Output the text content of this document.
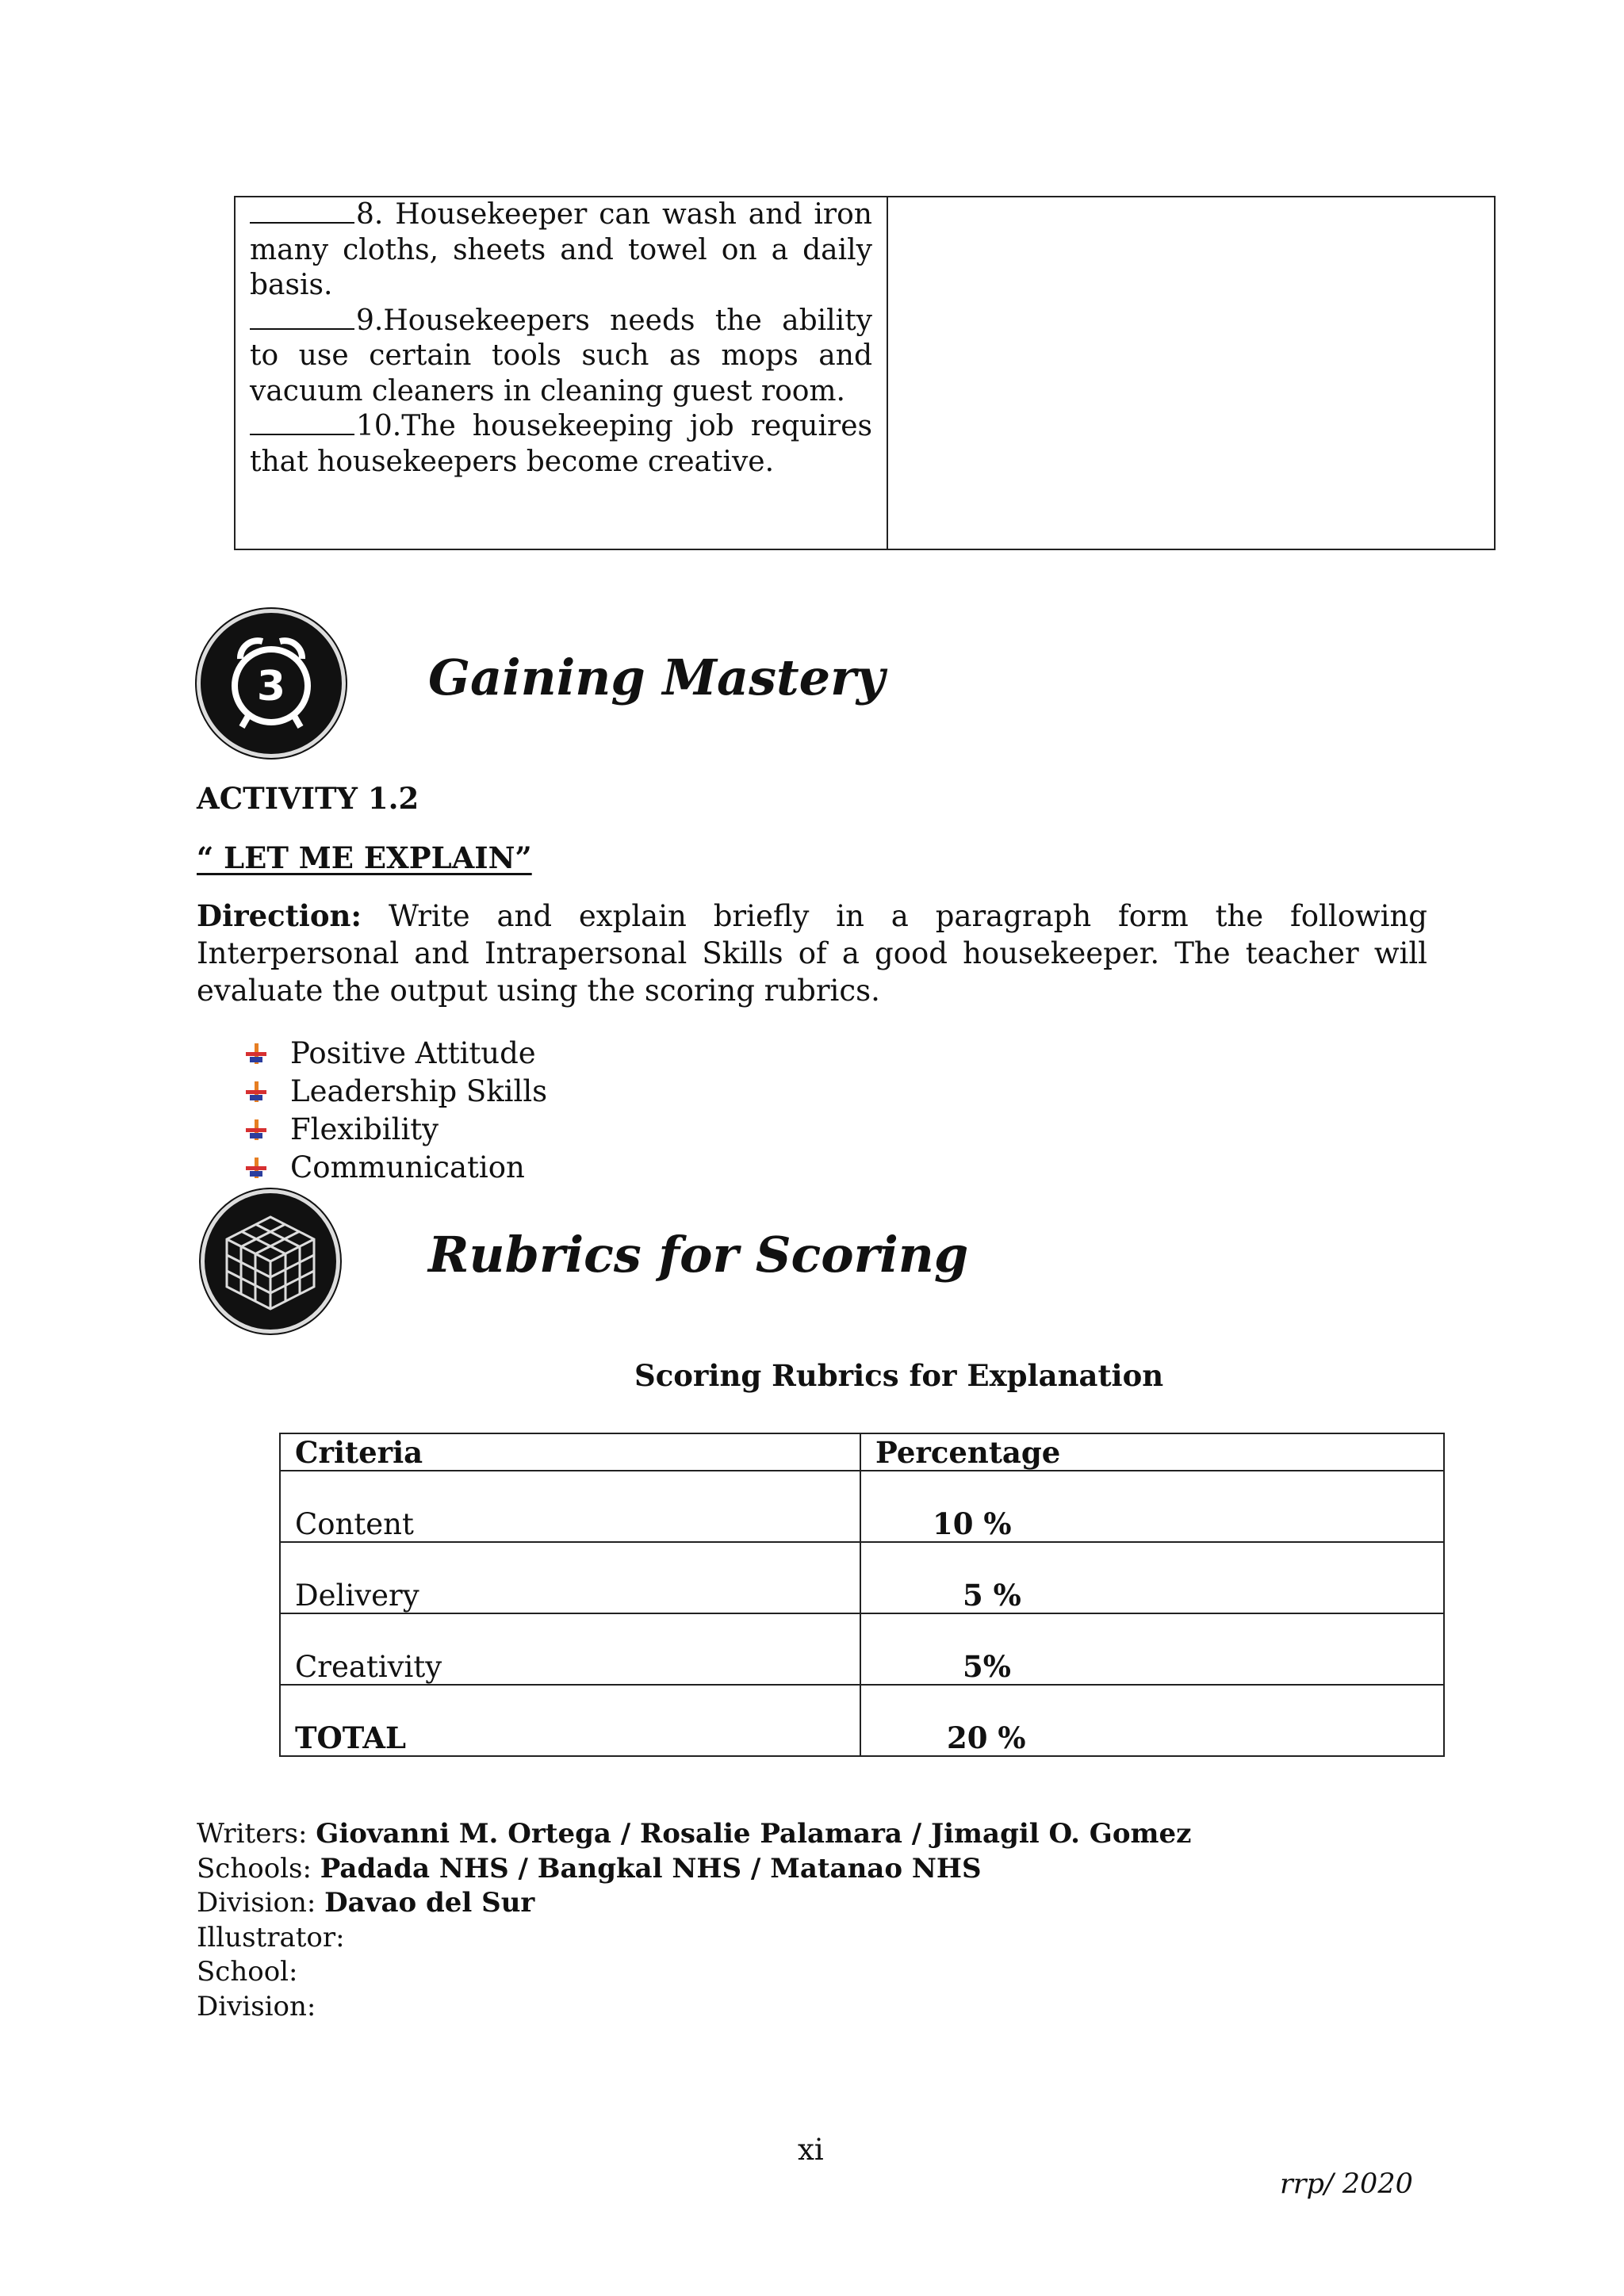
8. Housekeeper can wash and iron many cloths, sheets and towel on a daily basis.

9.Housekeepers needs the ability to use certain tools such as mops and vacuum cleaners in cleaning guest room.

10.The housekeeping job requires that housekeepers become creative.

3	Gaining Mastery

ACTIVITY 1.2

“ LET ME EXPLAIN”

Direction: Write and explain briefly in a paragraph form the following Interpersonal and Intrapersonal Skills of a good housekeeper. The teacher will evaluate the output using the scoring rubrics.

Positive Attitude
Leadership Skills
Flexibility
Communication
Rubrics for Scoring

Scoring Rubrics for Explanation

Criteria	Percentage
Content	10 %
Delivery	5 %
Creativity	5%
TOTAL	20 %
Writers: Giovanni M. Ortega / Rosalie Palamara / Jimagil O. Gomez
Schools: Padada NHS / Bangkal NHS / Matanao NHS
Division: Davao del Sur
Illustrator:
School:
Division:

xi

rrp/ 2020
